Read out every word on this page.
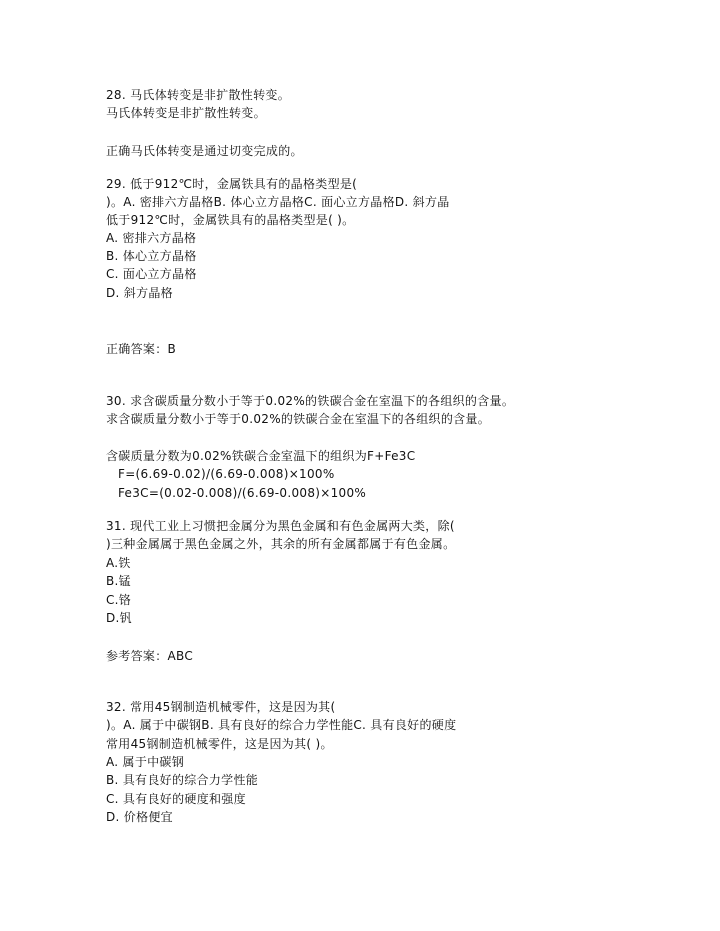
28. 马氏体转变是非扩散性转变。
马氏体转变是非扩散性转变。
正确马氏体转变是通过切变完成的。
29. 低于912℃时，金属铁具有的晶格类型是(
)。A. 密排六方晶格B. 体心立方晶格C. 面心立方晶格D. 斜方晶
低于912℃时，金属铁具有的晶格类型是( )。
A. 密排六方晶格
B. 体心立方晶格
C. 面心立方晶格
D. 斜方晶格
正确答案：B
30. 求含碳质量分数小于等于0.02%的铁碳合金在室温下的各组织的含量。
求含碳质量分数小于等于0.02%的铁碳合金在室温下的各组织的含量。
含碳质量分数为0.02%铁碳合金室温下的组织为F+Fe3C
F=(6.69-0.02)/(6.69-0.008)×100%
Fe3C=(0.02-0.008)/(6.69-0.008)×100%
31. 现代工业上习惯把金属分为黑色金属和有色金属两大类，除(
)三种金属属于黑色金属之外，其余的所有金属都属于有色金属。
A.铁
B.锰
C.铬
D.钒
参考答案：ABC
32. 常用45钢制造机械零件，这是因为其(
)。A. 属于中碳钢B. 具有良好的综合力学性能C. 具有良好的硬度
常用45钢制造机械零件，这是因为其( )。
A. 属于中碳钢
B. 具有良好的综合力学性能
C. 具有良好的硬度和强度
D. 价格便宜
